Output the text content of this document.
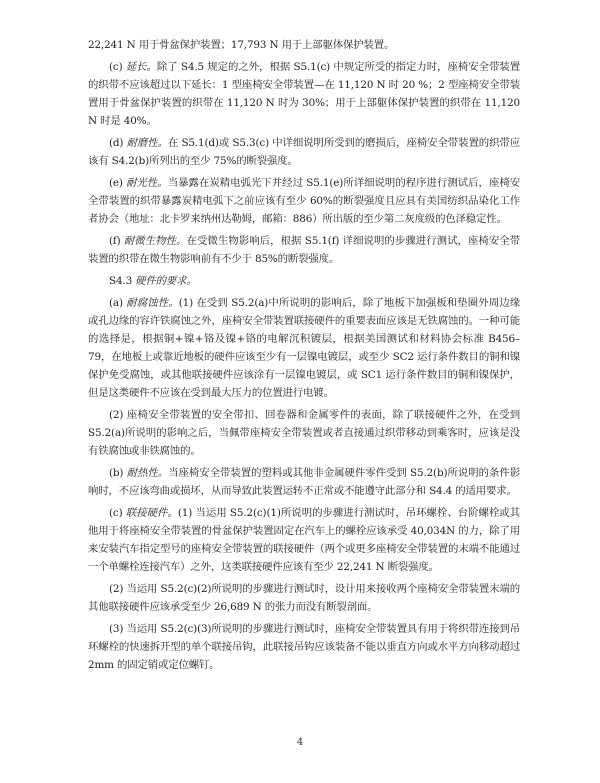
22,241 N 用于骨盆保护装置；17,793 N 用于上部躯体保护装置。

(c) 延长。除了 S4.5 规定的之外，根据 S5.1(c) 中规定所受的指定力时，座椅安全带装置的织带不应该超过以下延长：1 型座椅安全带装置—在 11,120 N 时 20 %；2 型座椅安全带装置用于骨盆保护装置的织带在 11,120 N 时为 30%；用于上部躯体保护装置的织带在 11,120 N 时是 40%。

(d) 耐磨性。在 S5.1(d)或 S5.3(c) 中详细说明所受到的磨损后，座椅安全带装置的织带应该有 S4.2(b)所列出的至少 75%的断裂强度。

(e) 耐光性。当暴露在炭精电弧光下并经过 S5.1(e)所详细说明的程序进行测试后，座椅安全带装置的织带暴露炭精电弧下之前应该有至少 60%的断裂强度且应具有美国纺织品染化工作者协会（地址：北卡罗来纳州达勒姆，邮箱：886）所出版的至少第二灰度级的色泽稳定性。

(f) 耐微生物性。在受微生物影响后，根据 S5.1(f) 详细说明的步骤进行测试，座椅安全带装置的织带在微生物影响前有不少于 85%的断裂强度。

S4.3 硬件的要求。

(a) 耐腐蚀性。(1) 在受到 S5.2(a)中所说明的影响后，除了地板下加强板和垫圈外周边缘或孔边缘的容许铁腐蚀之外，座椅安全带装置联接硬件的重要表面应该是无铁腐蚀的。一种可能的选择是，根据铜+镍+铬及镍+铬的电解沉积镀层，根据美国测试和材料协会标准 B456–79，在地板上或靠近地板的硬件应该至少有一层镍电镀层，或至少 SC2 运行条件数目的铜和镍保护免受腐蚀，或其他联接硬件应该涂有一层镍电镀层，或 SC1 运行条件数目的铜和镍保护，但是这类硬件不应该在受到最大压力的位置进行电镀。

(2) 座椅安全带装置的安全带扣、回卷器和金属零件的表面，除了联接硬件之外，在受到 S5.2(a)所说明的影响之后，当佩带座椅安全带装置或者直接通过织带移动到乘客时，应该是没有铁腐蚀或非铁腐蚀的。

(b) 耐热性。当座椅安全带装置的塑料或其他非金属硬件零件受到 S5.2(b)所说明的条件影响时，不应该弯曲或损坏，从而导致此装置运转不正常或不能遵守此部分和 S4.4 的适用要求。

(c) 联接硬件。(1) 当运用 S5.2(c)(1)所说明的步骤进行测试时，吊环螺栓、台阶螺栓或其他用于将座椅安全带装置的骨盆保护装置固定在汽车上的螺栓应该承受 40,034N 的力，除了用来安装汽车指定型号的座椅安全带装置的联接硬件（两个或更多座椅安全带装置的末端不能通过一个单螺栓连接汽车）之外，这类联接硬件应该有至少 22,241 N 断裂强度。

(2) 当运用 S5.2(c)(2)所说明的步骤进行测试时，设计用来接收两个座椅安全带装置末端的其他联接硬件应该承受至少 26,689 N 的张力而没有断裂剖面。

(3) 当运用 S5.2(c)(3)所说明的步骤进行测试时，座椅安全带装置具有用于将织带连接到吊环螺栓的快速拆开型的单个联接吊钩，此联接吊钩应该装备不能以垂直方向或水平方向移动超过 2mm 的固定销或定位螺钉。

4
